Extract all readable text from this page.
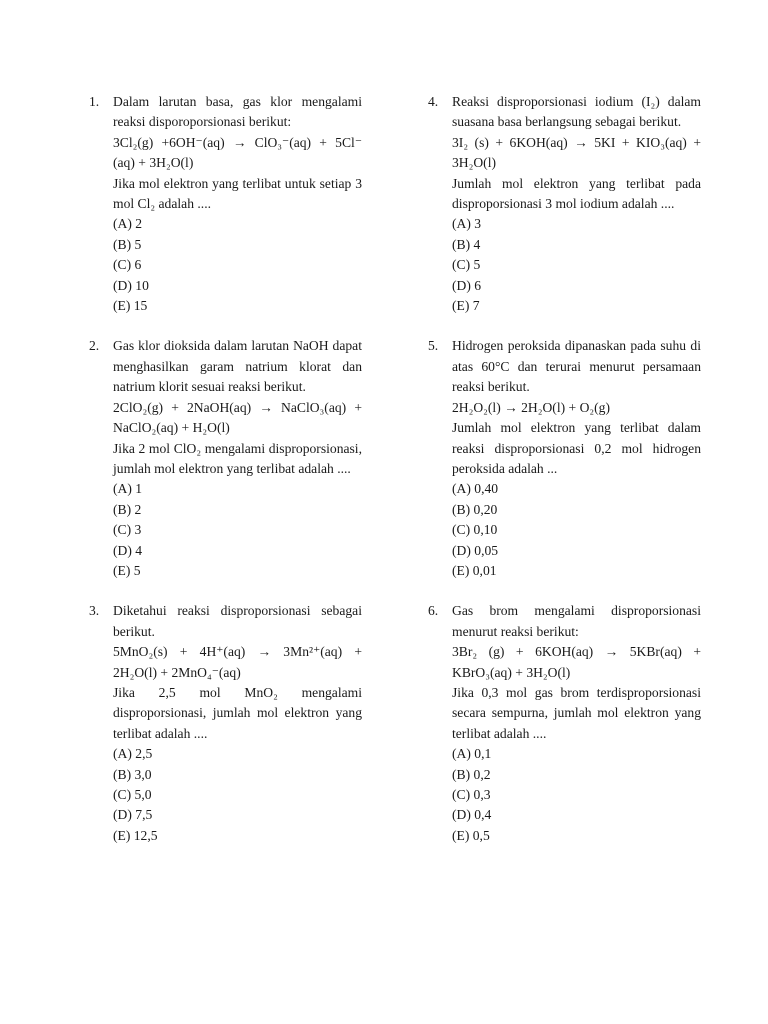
1. Dalam larutan basa, gas klor mengalami reaksi disporoporsionasi berikut:
3Cl₂(g) +6OH⁻(aq) → ClO₃⁻(aq) + 5Cl⁻ (aq) + 3H₂O(l)
Jika mol elektron yang terlibat untuk setiap 3 mol Cl₂ adalah ....
(A) 2
(B) 5
(C) 6
(D) 10
(E) 15
2. Gas klor dioksida dalam larutan NaOH dapat menghasilkan garam natrium klorat dan natrium klorit sesuai reaksi berikut.
2ClO₂(g) + 2NaOH(aq) → NaClO₃(aq) + NaClO₂(aq) + H₂O(l)
Jika 2 mol ClO₂ mengalami disproporsionasi, jumlah mol elektron yang terlibat adalah ....
(A) 1
(B) 2
(C) 3
(D) 4
(E) 5
3. Diketahui reaksi disproporsionasi sebagai berikut.
5MnO₂(s) + 4H⁺(aq) → 3Mn²⁺(aq) + 2H₂O(l) + 2MnO₄⁻(aq)
Jika 2,5 mol MnO₂ mengalami disproporsionasi, jumlah mol elektron yang terlibat adalah ....
(A) 2,5
(B) 3,0
(C) 5,0
(D) 7,5
(E) 12,5
4. Reaksi disproporsionasi iodium (I₂) dalam suasana basa berlangsung sebagai berikut.
3I₂ (s) + 6KOH(aq) → 5KI + KIO₃(aq) + 3H₂O(l)
Jumlah mol elektron yang terlibat pada disproporsionasi 3 mol iodium adalah ....
(A) 3
(B) 4
(C) 5
(D) 6
(E) 7
5. Hidrogen peroksida dipanaskan pada suhu di atas 60°C dan terurai menurut persamaan reaksi berikut.
2H₂O₂(l) → 2H₂O(l) + O₂(g)
Jumlah mol elektron yang terlibat dalam reaksi disproporsionasi 0,2 mol hidrogen peroksida adalah ...
(A) 0,40
(B) 0,20
(C) 0,10
(D) 0,05
(E) 0,01
6. Gas brom mengalami disproporsionasi menurut reaksi berikut:
3Br₂ (g) + 6KOH(aq) → 5KBr(aq) + KBrO₃(aq) + 3H₂O(l)
Jika 0,3 mol gas brom terdisproporsionasi secara sempurna, jumlah mol elektron yang terlibat adalah ....
(A) 0,1
(B) 0,2
(C) 0,3
(D) 0,4
(E) 0,5
